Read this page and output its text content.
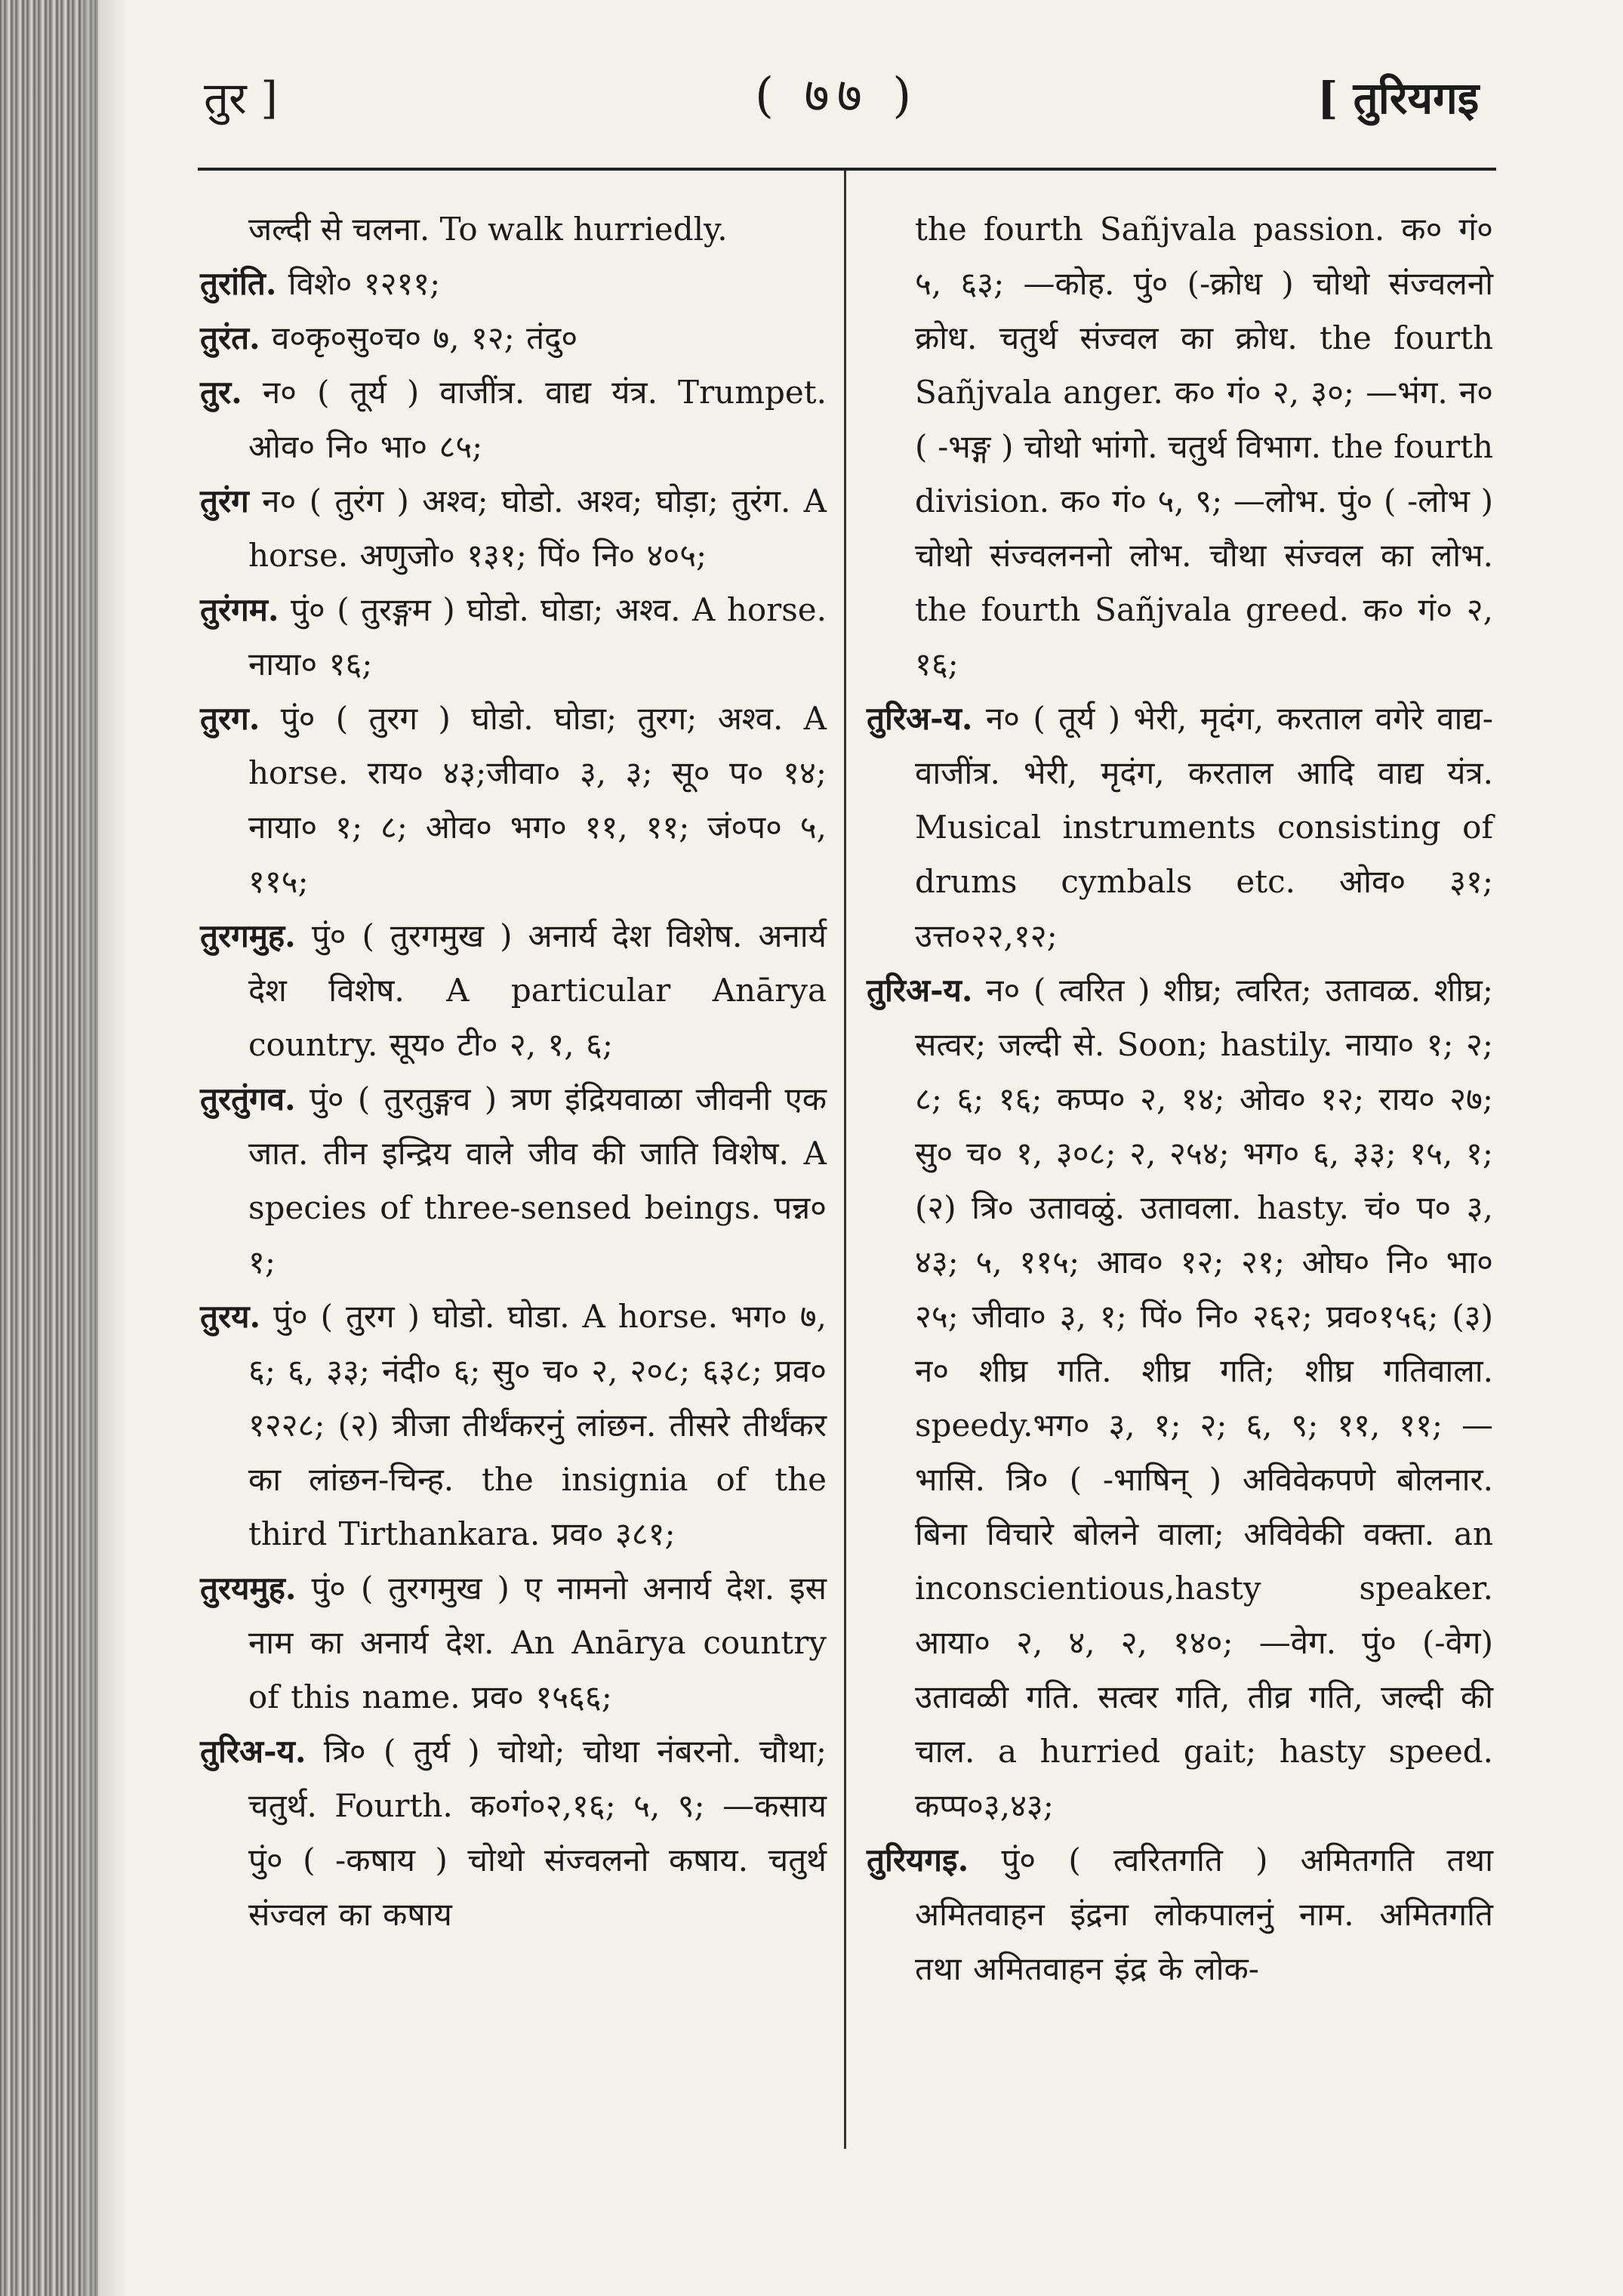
तुर ]	( ७७ )	[ तुरियगइ

जल्दी से चलना. To walk hurriedly.

तुरांति. विशे० १२११;

तुरंत. व०कृ०सु०च० ७, १२; तंदु०

तुर. न० ( तूर्य ) वाजींत्र. वाद्य यंत्र. Trumpet. ओव० नि० भा० ८५;

तुरंग न० ( तुरंग ) अश्व; घोडो. अश्व; घोड़ा; तुरंग. A horse. अणुजो० १३१; पिं० नि० ४०५;

तुरंगम. पुं० ( तुरङ्गम ) घोडो. घोडा; अश्व. A horse. नाया० १६;

तुरग. पुं० ( तुरग ) घोडो. घोडा; तुरग; अश्व. A horse. राय० ४३;जीवा० ३, ३; सू० प० १४; नाया० १; ८; ओव० भग० ११, ११; जं०प० ५, ११५;

तुरगमुह. पुं० ( तुरगमुख ) अनार्य देश विशेष. अनार्य देश विशेष. A particular Anārya country. सूय० टी० २, १, ६;

तुरतुंगव. पुं० ( तुरतुङ्गव ) त्रण इंद्रियवाळा जीवनी एक जात. तीन इन्द्रिय वाले जीव की जाति विशेष. A species of three-sensed beings. पन्न० १;

तुरय. पुं० ( तुरग ) घोडो. घोडा. A horse. भग० ७, ६; ६, ३३; नंदी० ६; सु० च० २, २०८; ६३८; प्रव० १२२८; (२) त्रीजा तीर्थंकरनुं लांछन. तीसरे तीर्थंकर का लांछन-चिन्ह. the insignia of the third Tirthankara. प्रव० ३८१;

तुरयमुह. पुं० ( तुरगमुख ) ए नामनो अनार्य देश. इस नाम का अनार्य देश. An Anārya country of this name. प्रव० १५६६;

तुरिअ-य. त्रि० ( तुर्य ) चोथो; चोथा नंबरनो. चौथा; चतुर्थ. Fourth. क०गं०२,१६; ५, ९; —कसाय पुं० ( -कषाय ) चोथो संज्वलनो कषाय. चतुर्थ संज्वल का कषाय

the fourth Sañjvala passion. क० गं० ५, ६३; —कोह. पुं० (-क्रोध ) चोथो संज्वलनो क्रोध. चतुर्थ संज्वल का क्रोध. the fourth Sañjvala anger. क० गं० २, ३०; —भंग. न० ( -भङ्ग ) चोथो भांगो. चतुर्थ विभाग. the fourth division. क० गं० ५, ९; —लोभ. पुं० ( -लोभ ) चोथो संज्वलननो लोभ. चौथा संज्वल का लोभ. the fourth Sañjvala greed. क० गं० २, १६;

तुरिअ-य. न० ( तूर्य ) भेरी, मृदंग, करताल वगेरे वाद्य-वाजींत्र. भेरी, मृदंग, करताल आदि वाद्य यंत्र. Musical instruments consisting of drums cymbals etc. ओव० ३१; उत्त०२२,१२;

तुरिअ-य. न० ( त्वरित ) शीघ्र; त्वरित; उतावळ. शीघ्र; सत्वर; जल्दी से. Soon; hastily. नाया० १; २; ८; ६; १६; कप्प० २, १४; ओव० १२; राय० २७; सु० च० १, ३०८; २, २५४; भग० ६, ३३; १५, १; (२) त्रि० उतावळुं. उतावला. hasty. चं० प० ३, ४३; ५, ११५; आव० १२; २१; ओघ० नि० भा० २५; जीवा० ३, १; पिं० नि० २६२; प्रव०१५६; (३) न० शीघ्र गति. शीघ्र गति; शीघ्र गतिवाला. speedy.भग० ३, १; २; ६, ९; ११, ११; —भासि. त्रि० ( -भाषिन् ) अविवेकपणे बोलनार. बिना विचारे बोलने वाला; अविवेकी वक्ता. an inconscientious,hasty speaker. आया० २, ४, २, १४०; —वेग. पुं० (-वेग) उतावळी गति. सत्वर गति, तीव्र गति, जल्दी की चाल. a hurried gait; hasty speed. कप्प०३,४३;

तुरियगइ. पुं० ( त्वरितगति ) अमितगति तथा अमितवाहन इंद्रना लोकपालनुं नाम. अमितगति तथा अमितवाहन इंद्र के लोक-
